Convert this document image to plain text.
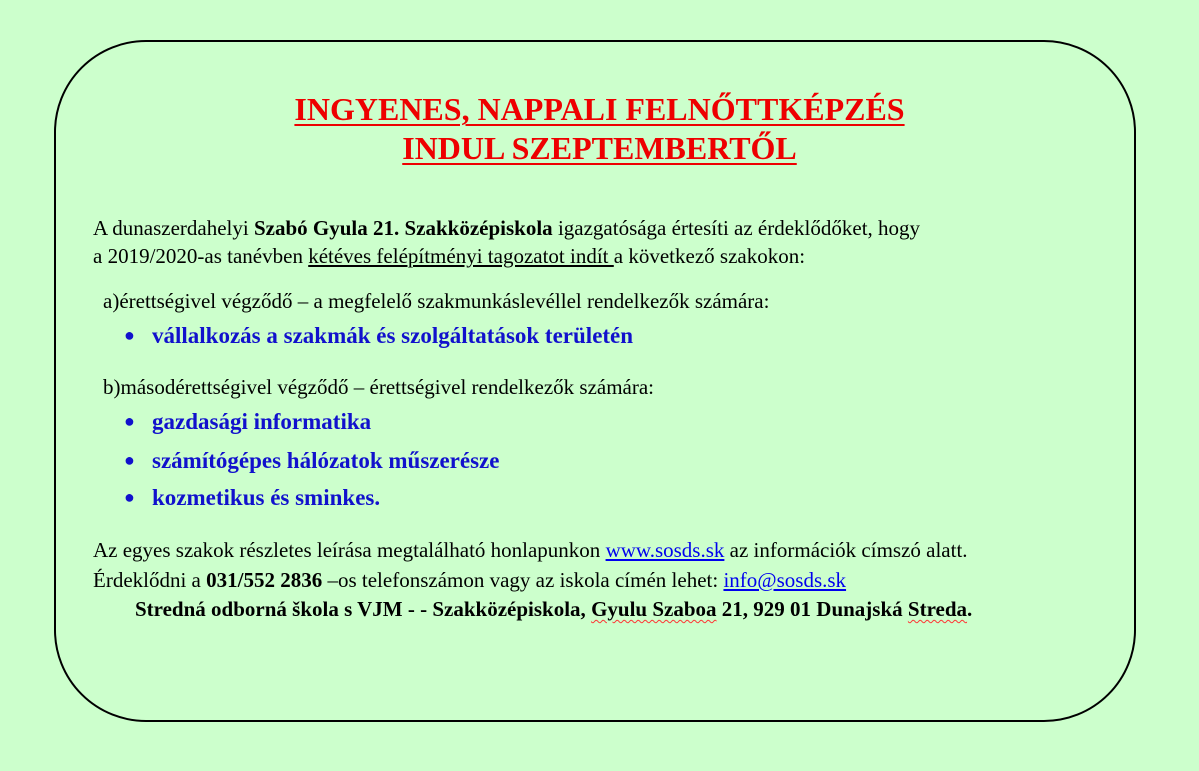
INGYENES, NAPPALI FELNŐTTKÉPZÉS
INDUL SZEPTEMBERTŐL
A dunaszerdahelyi Szabó Gyula 21. Szakközépiskola igazgatósága értesíti az érdeklődőket, hogy
a 2019/2020-as tanévben kétéves felépítményi tagozatot indít a következő szakokon:
a)érettségivel végződő – a megfelelő szakmunkáslevéllel rendelkezők számára:
● vállalkozás a szakmák és szolgáltatások területén
b)másodérettségivel végződő – érettségivel rendelkezők számára:
● gazdasági informatika
● számítógépes hálózatok műszerésze
● kozmetikus és sminkes.
Az egyes szakok részletes leírása megtalálható honlapunkon www.sosds.sk az információk címszó alatt.
Érdeklődni a 031/552 2836 –os telefonszámon vagy az iskola címén lehet: info@sosds.sk
Stredná odborná škola s VJM - - Szakközépiskola, Gyulu Szaboa 21, 929 01 Dunajská Streda.
